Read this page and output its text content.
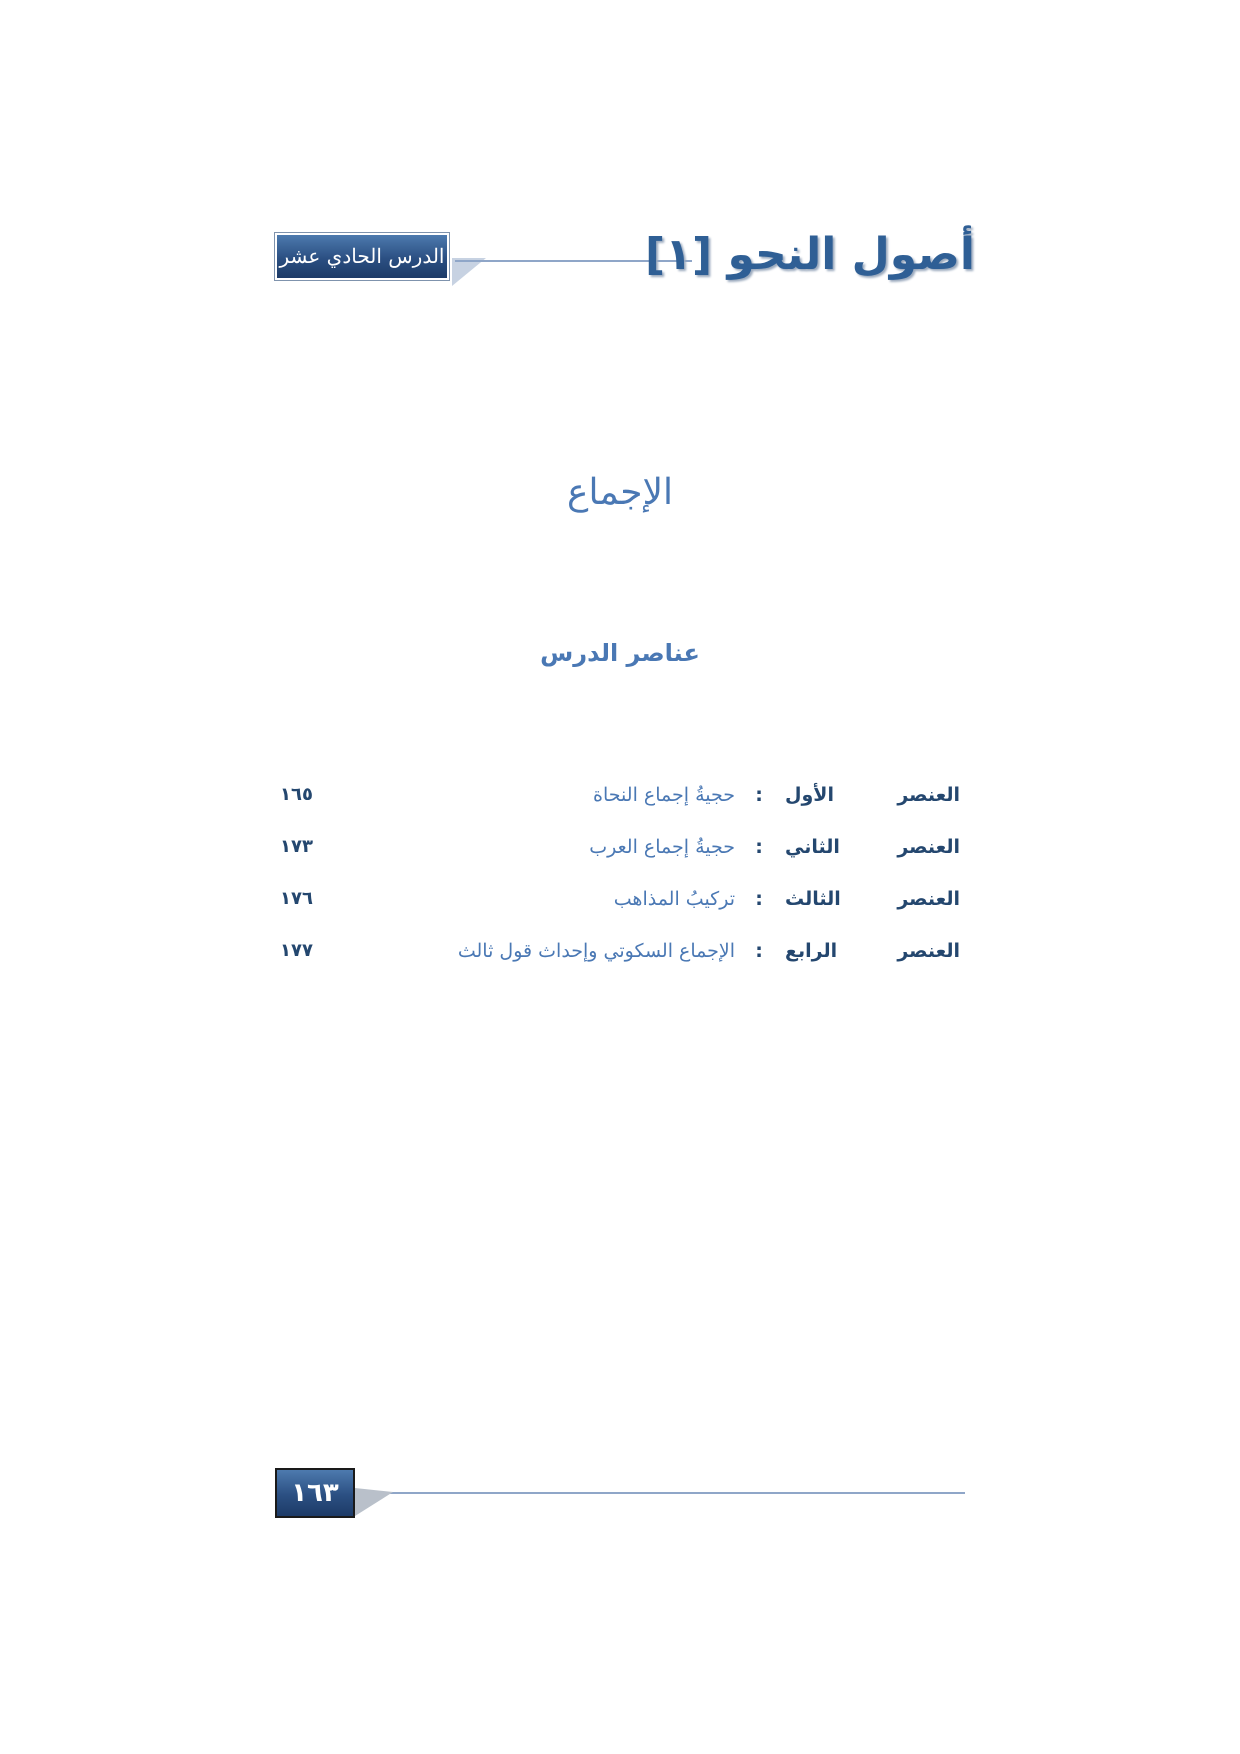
الدرس الحادي عشر	أصول النحو [١]
الإجماع
عناصر الدرس
العنصر الأول
:
حجيةُ إجماع النحاة
١٦٥
العنصر الثاني
:
حجيةُ إجماع العرب
١٧٣
العنصر الثالث
:
تركيبُ المذاهب
١٧٦
العنصر الرابع
:
الإجماع السكوتي وإحداث قول ثالث
١٧٧
١٦٣
